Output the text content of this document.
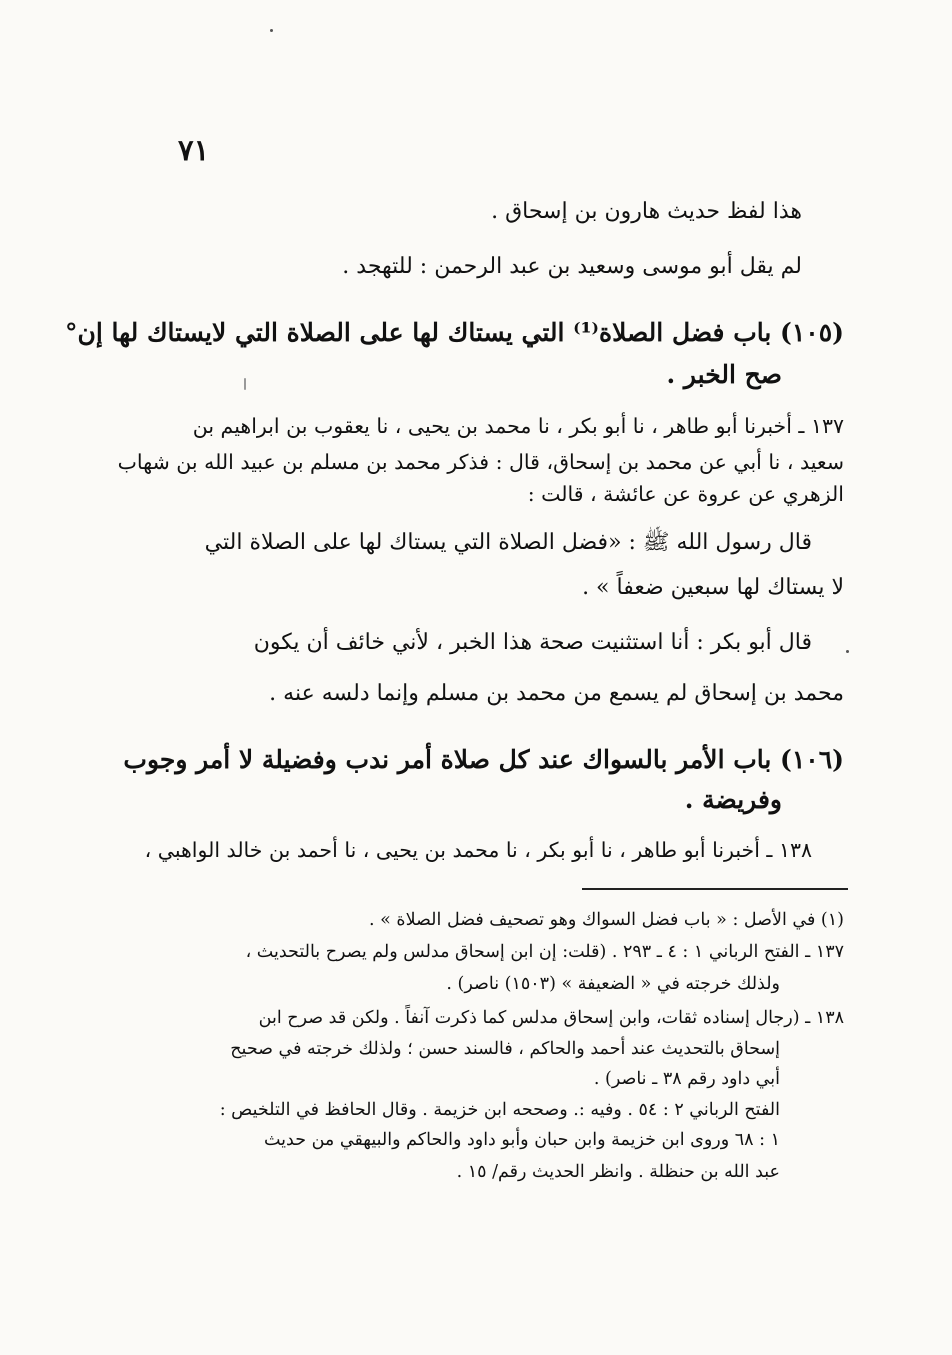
٧١

هذا لفظ حديث هارون بن إسحاق .

لم يقل أبو موسى وسعيد بن عبد الرحمن : للتهجد .

(١٠٥) باب فضل الصلاة⁽¹⁾ التي يستاك لها على الصلاة التي لايستاك لها إن°

صح الخبر .

١٣٧ ـ أخبرنا أبو طاهر ، نا أبو بكر ، نا محمد بن يحيى ، نا يعقوب بن ابراهيم بن

سعيد ، نا أبي عن محمد بن إسحاق، قال : فذكر محمد بن مسلم بن عبيد الله بن شهاب

الزهري عن عروة عن عائشة ، قالت :

قال رسول الله ﷺ : «فضل الصلاة التي يستاك لها على الصلاة التي

لا يستاك لها سبعين ضعفاً » .

قال أبو بكر : أنا استثنيت صحة هذا الخبر ، لأني خائف أن يكون

محمد بن إسحاق لم يسمع من محمد بن مسلم وإنما دلسه عنه .

(١٠٦) باب الأمر بالسواك عند كل صلاة أمر ندب وفضيلة لا أمر وجوب

وفريضة .

١٣٨ ـ أخبرنا أبو طاهر ، نا أبو بكر ، نا محمد بن يحيى ، نا أحمد بن خالد الواهبي ،

(١) في الأصل : « باب فضل السواك وهو تصحيف فضل الصلاة » .

١٣٧ ـ الفتح الرباني ١ : ٤ ـ ٢٩٣ . (قلت: إن ابن إسحاق مدلس ولم يصرح بالتحديث ،

ولذلك خرجته في « الضعيفة » (١٥٠٣) ناصر) .

١٣٨ ـ (رجال إسناده ثقات، وابن إسحاق مدلس كما ذكرت آنفاً . ولكن قد صرح ابن

إسحاق بالتحديث عند أحمد والحاكم ، فالسند حسن ؛ ولذلك خرجته في صحيح

أبي داود رقم ٣٨ ـ ناصر) .

الفتح الرباني ٢ : ٥٤ . وفيه :. وصححه ابن خزيمة . وقال الحافظ في التلخيص :

١ : ٦٨ وروى ابن خزيمة وابن حبان وأبو داود والحاكم والبيهقي من حديث

عبد الله بن حنظلة . وانظر الحديث رقم/ ١٥ .
